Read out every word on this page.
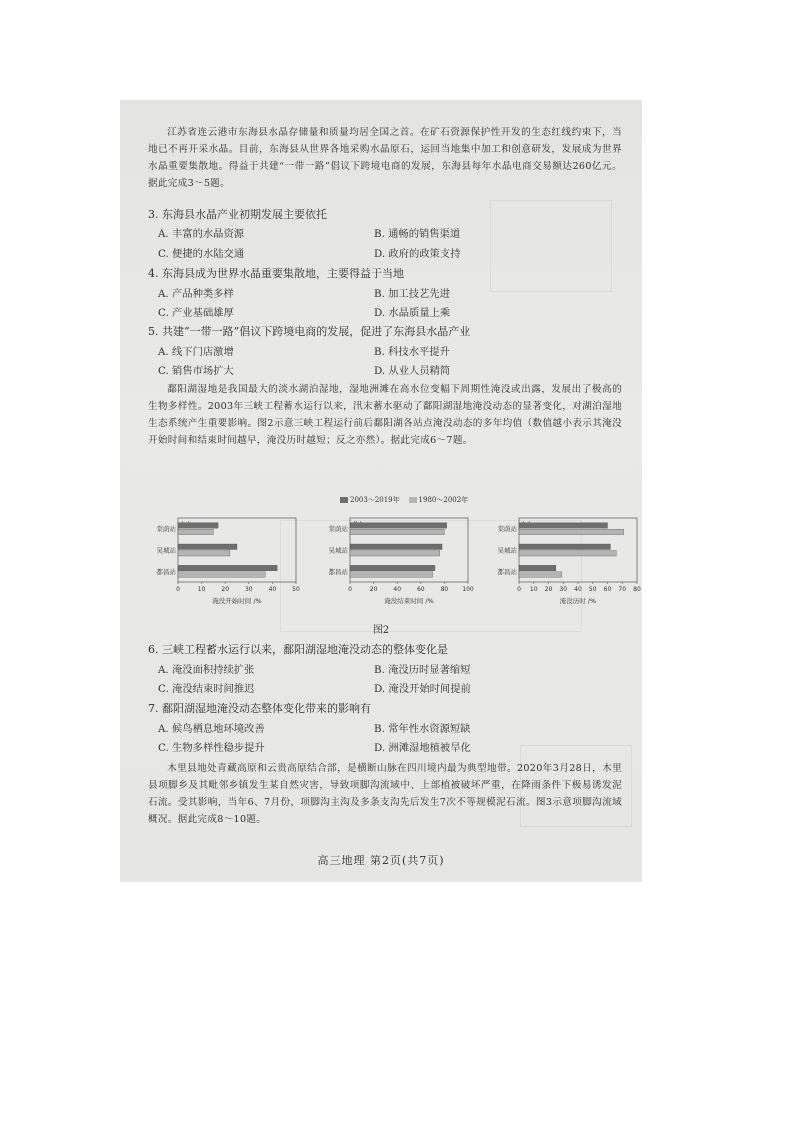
江苏省连云港市东海县水晶存储量和质量均居全国之首。在矿石资源保护性开发的生态红线约束下，当地已不再开采水晶。目前，东海县从世界各地采购水晶原石，运回当地集中加工和创意研发，发展成为世界水晶重要集散地。得益于共建“一带一路”倡议下跨境电商的发展，东海县每年水晶电商交易额达260亿元。据此完成3～5题。
3. 东海县水晶产业初期发展主要依托
A. 丰富的水晶资源	B. 通畅的销售渠道
C. 便捷的水陆交通	D. 政府的政策支持
4. 东海县成为世界水晶重要集散地，主要得益于当地
A. 产品种类多样	B. 加工技艺先进
C. 产业基础雄厚	D. 水晶质量上乘
5. 共建“一带一路”倡议下跨境电商的发展，促进了东海县水晶产业
A. 线下门店激增	B. 科技水平提升
C. 销售市场扩大	D. 从业人员精简
鄱阳湖湿地是我国最大的淡水湖泊湿地，湿地洲滩在高水位变幅下周期性淹没或出露，发展出了极高的生物多样性。2003年三峡工程蓄水运行以来，汛末蓄水驱动了鄱阳湖湿地淹没动态的显著变化，对湖泊湿地生态系统产生重要影响。图2示意三峡工程运行前后鄱阳湖各站点淹没动态的多年均值（数值越小表示其淹没开始时间和结束时间越早，淹没历时越短；反之亦然）。据此完成6～7题。
2003～2019年	1980～2002年
棠荫站
吴城站
都昌站
0	10	20	30	40	50
淹没开始时间 /%
棠荫站
吴城站
都昌站
0	20	40	60	80 100
淹没结束时间 /%
棠荫站
吴城站
都昌站
0 10 20 30 40 50 60 70 80
淹没历时 /%
图2
6. 三峡工程蓄水运行以来，鄱阳湖湿地淹没动态的整体变化是
A. 淹没面积持续扩张	B. 淹没历时显著缩短
C. 淹没结束时间推迟	D. 淹没开始时间提前
7. 鄱阳湖湿地淹没动态整体变化带来的影响有
A. 候鸟栖息地环境改善	B. 常年性水资源短缺
C. 生物多样性稳步提升	D. 洲滩湿地植被旱化
木里县地处青藏高原和云贵高原结合部，是横断山脉在四川境内最为典型地带。2020年3月28日，木里县项脚乡及其毗邻乡镇发生某自然灾害，导致项脚沟流域中、上部植被破坏严重，在降雨条件下极易诱发泥石流。受其影响，当年6、7月份，项脚沟主沟及多条支沟先后发生7次不等规模泥石流。图3示意项脚沟流域概况。据此完成8～10题。
高三地理 第2页(共7页)
